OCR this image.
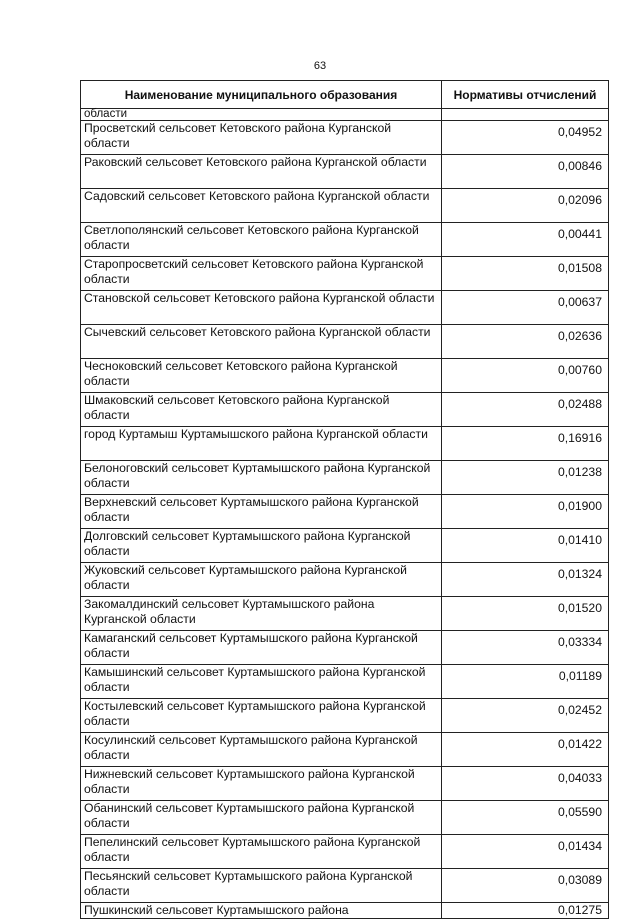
63
Наименование муниципального образования	Нормативы отчислений
области	
Просветский сельсовет Кетовского района Курганской области	0,04952
Раковский сельсовет Кетовского района Курганской области	0,00846
Садовский сельсовет Кетовского района Курганской области	0,02096
Светлополянский сельсовет Кетовского района Курганской области	0,00441
Старопросветский сельсовет Кетовского района Курганской области	0,01508
Становской сельсовет Кетовского района Курганской области	0,00637
Сычевский сельсовет Кетовского района Курганской области	0,02636
Чесноковский сельсовет Кетовского района Курганской области	0,00760
Шмаковский сельсовет Кетовского района Курганской области	0,02488
город Куртамыш Куртамышского района Курганской области	0,16916
Белоноговский сельсовет Куртамышского района Курганской области	0,01238
Верхневский сельсовет Куртамышского района Курганской области	0,01900
Долговский сельсовет Куртамышского района Курганской области	0,01410
Жуковский сельсовет Куртамышского района Курганской области	0,01324
Закомалдинский сельсовет Куртамышского района Курганской области	0,01520
Камаганский сельсовет Куртамышского района Курганской области	0,03334
Камышинский сельсовет Куртамышского района Курганской области	0,01189
Костылевский сельсовет Куртамышского района Курганской области	0,02452
Косулинский сельсовет Куртамышского района Курганской области	0,01422
Нижневский сельсовет Куртамышского района Курганской области	0,04033
Обанинский сельсовет Куртамышского района Курганской области	0,05590
Пепелинский сельсовет Куртамышского района Курганской области	0,01434
Песьянский сельсовет Куртамышского района Курганской области	0,03089
Пушкинский сельсовет Куртамышского района	0,01275
